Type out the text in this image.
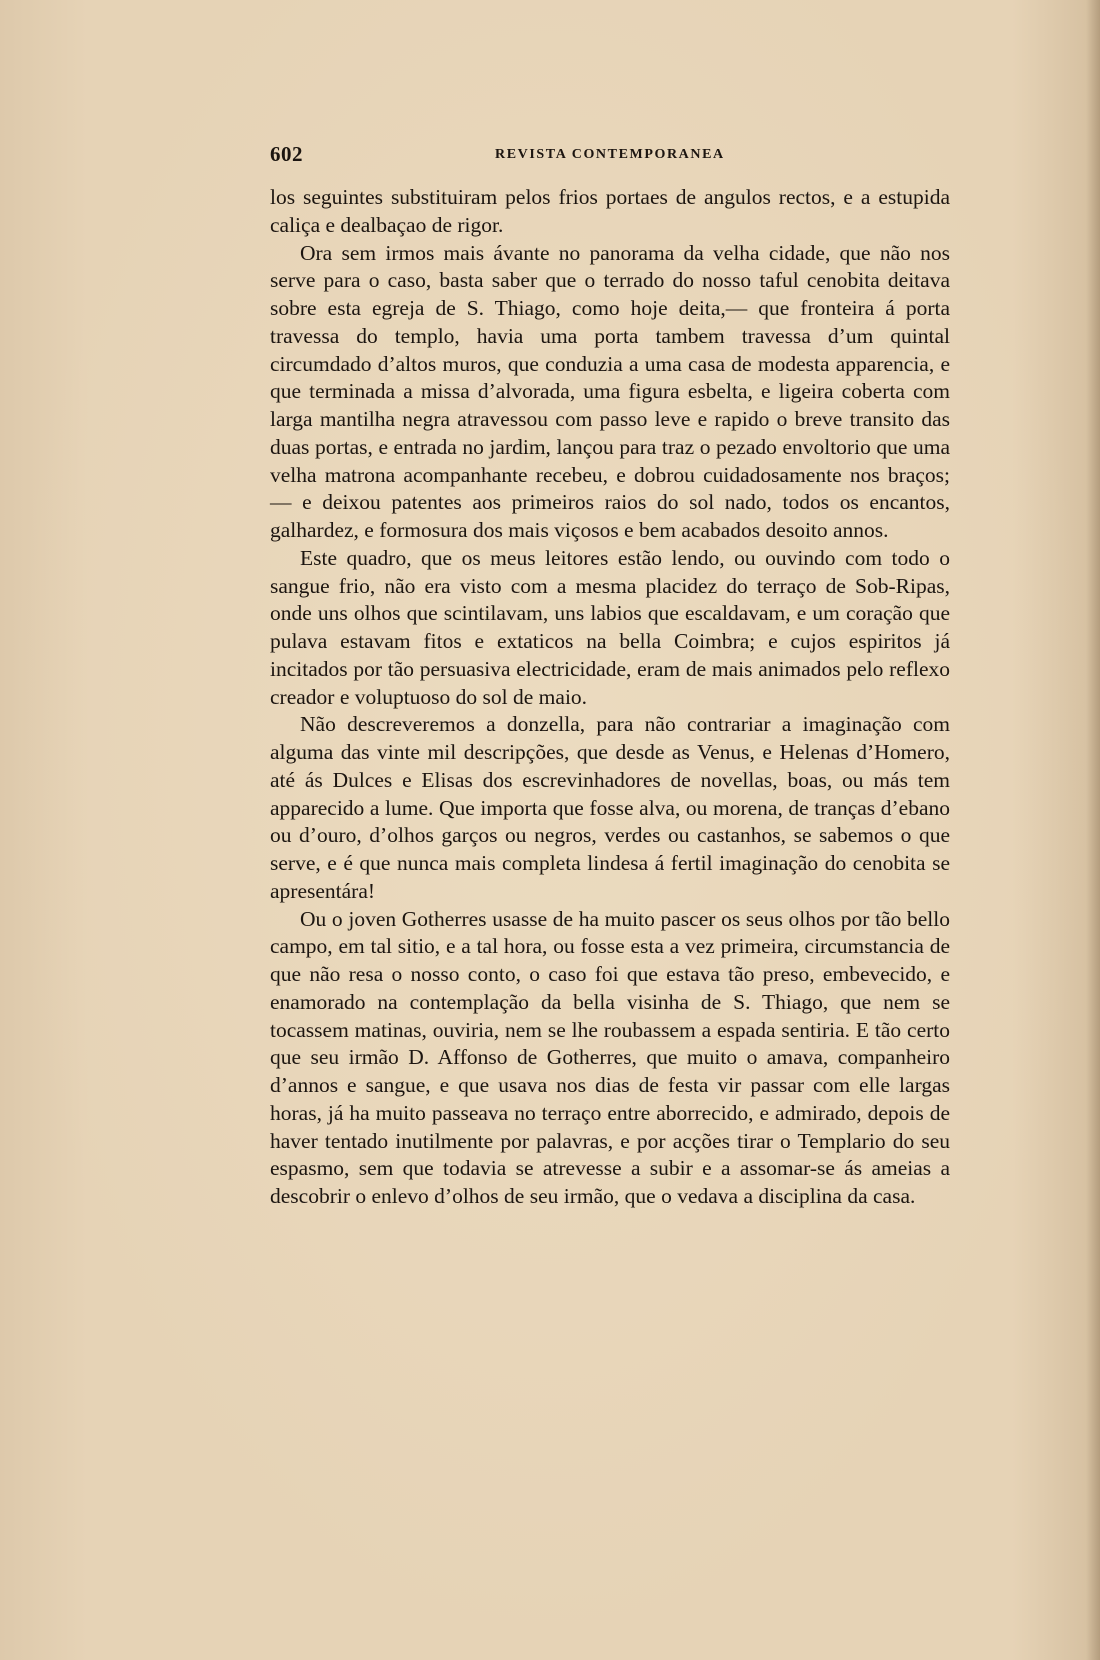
602	REVISTA CONTEMPORANEA

los seguintes substituiram pelos frios portaes de angulos rectos, e a estupida caliça e dealbaçao de rigor.

Ora sem irmos mais ávante no panorama da velha cidade, que não nos serve para o caso, basta saber que o terrado do nosso taful cenobita deitava sobre esta egreja de S. Thiago, como hoje deita,— que fronteira á porta travessa do templo, havia uma porta tambem travessa d’um quintal circumdado d’altos muros, que conduzia a uma casa de modesta apparencia, e que terminada a missa d’alvorada, uma figura esbelta, e ligeira coberta com larga mantilha negra atravessou com passo leve e rapido o breve transito das duas portas, e entrada no jardim, lançou para traz o pezado envoltorio que uma velha matrona acompanhante recebeu, e dobrou cuidadosamente nos braços; — e deixou patentes aos primeiros raios do sol nado, todos os encantos, galhardez, e formosura dos mais viçosos e bem acabados desoito annos.

Este quadro, que os meus leitores estão lendo, ou ouvindo com todo o sangue frio, não era visto com a mesma placidez do terraço de Sob-Ripas, onde uns olhos que scintilavam, uns labios que escaldavam, e um coração que pulava estavam fitos e extaticos na bella Coimbra; e cujos espiritos já incitados por tão persuasiva electricidade, eram de mais animados pelo reflexo creador e voluptuoso do sol de maio.

Não descreveremos a donzella, para não contrariar a imaginação com alguma das vinte mil descripções, que desde as Venus, e Helenas d’Homero, até ás Dulces e Elisas dos escrevinhadores de novellas, boas, ou más tem apparecido a lume. Que importa que fosse alva, ou morena, de tranças d’ebano ou d’ouro, d’olhos garços ou negros, verdes ou castanhos, se sabemos o que serve, e é que nunca mais completa lindesa á fertil imaginação do cenobita se apresentára!

Ou o joven Gotherres usasse de ha muito pascer os seus olhos por tão bello campo, em tal sitio, e a tal hora, ou fosse esta a vez primeira, circumstancia de que não resa o nosso conto, o caso foi que estava tão preso, embevecido, e enamorado na contemplação da bella visinha de S. Thiago, que nem se tocassem matinas, ouviria, nem se lhe roubassem a espada sentiria. E tão certo que seu irmão D. Affonso de Gotherres, que muito o amava, companheiro d’annos e sangue, e que usava nos dias de festa vir passar com elle largas horas, já ha muito passeava no terraço entre aborrecido, e admirado, depois de haver tentado inutilmente por palavras, e por acções tirar o Templario do seu espasmo, sem que todavia se atrevesse a subir e a assomar-se ás ameias a descobrir o enlevo d’olhos de seu irmão, que o vedava a disciplina da casa.
